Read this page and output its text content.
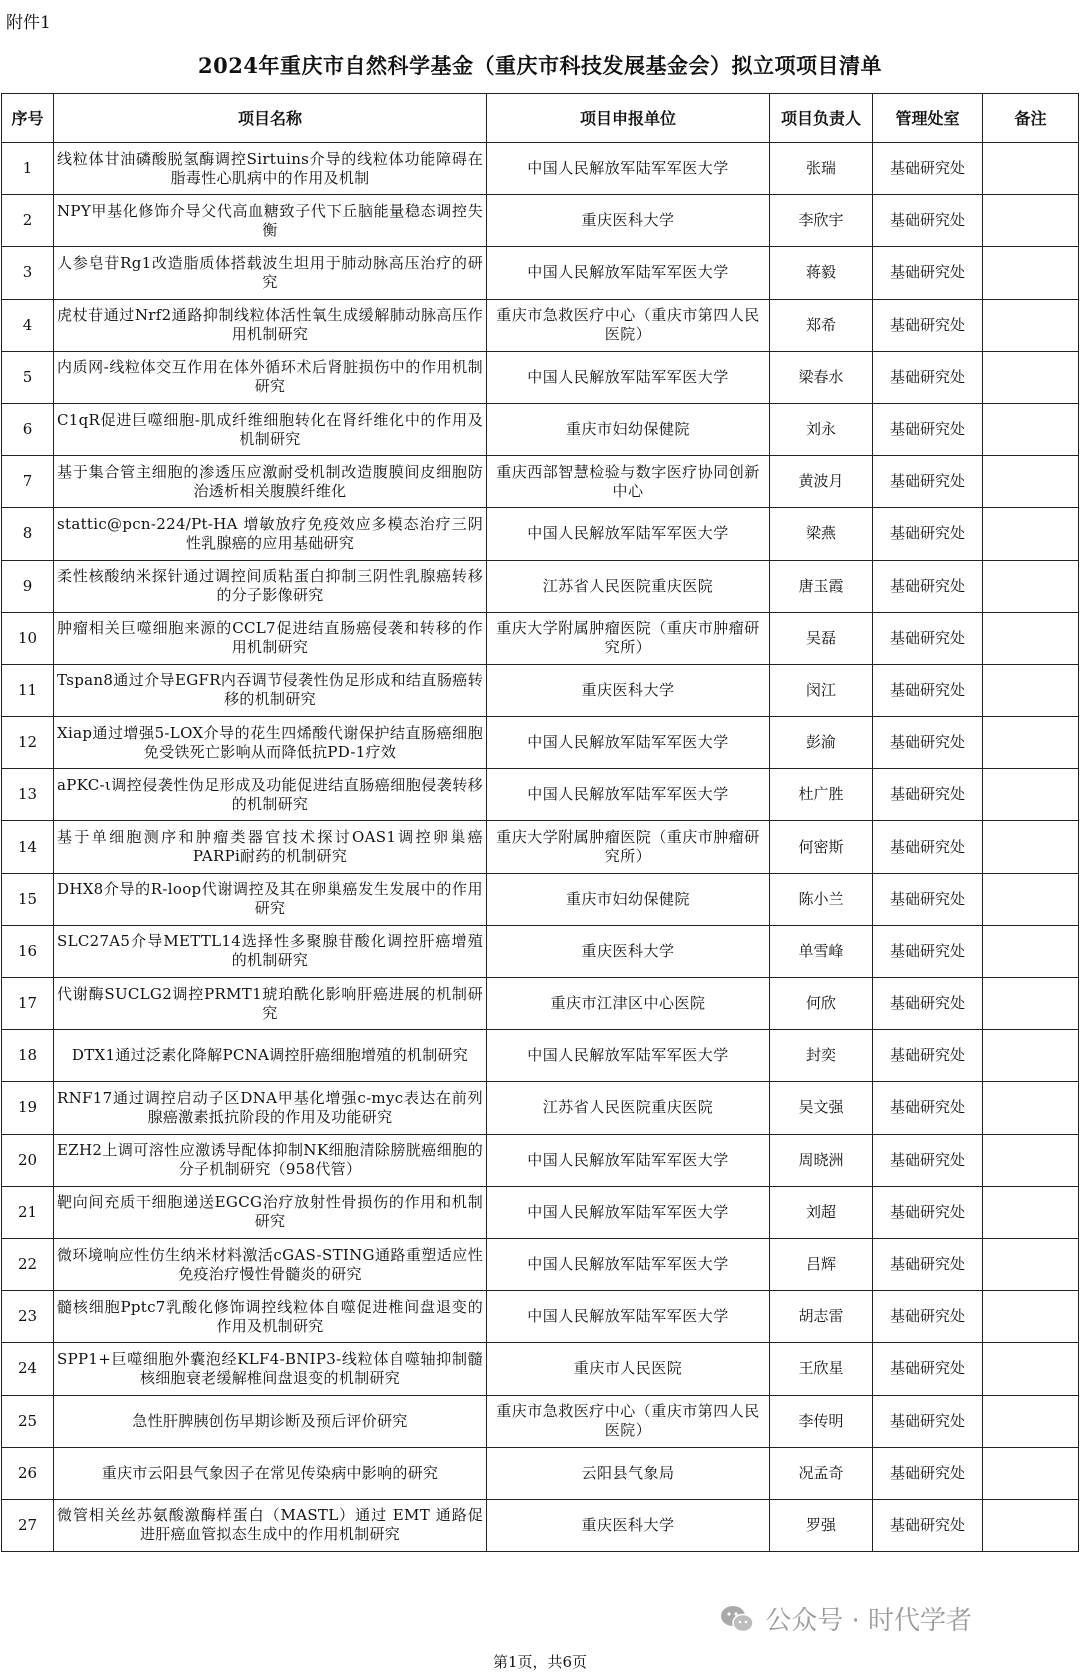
附件1
2024年重庆市自然科学基金（重庆市科技发展基金会）拟立项项目清单
序号	项目名称	项目申报单位	项目负责人	管理处室	备注
1	线粒体甘油磷酸脱氢酶调控Sirtuins介导的线粒体功能障碍在脂毒性心肌病中的作用及机制	中国人民解放军陆军军医大学	张瑞	基础研究处	
2	NPY甲基化修饰介导父代高血糖致子代下丘脑能量稳态调控失衡	重庆医科大学	李欣宇	基础研究处	
3	人参皂苷Rg1改造脂质体搭载波生坦用于肺动脉高压治疗的研究	中国人民解放军陆军军医大学	蒋毅	基础研究处	
4	虎杖苷通过Nrf2通路抑制线粒体活性氧生成缓解肺动脉高压作用机制研究	重庆市急救医疗中心（重庆市第四人民医院）	郑希	基础研究处	
5	内质网-线粒体交互作用在体外循环术后肾脏损伤中的作用机制研究	中国人民解放军陆军军医大学	梁春水	基础研究处	
6	C1qR促进巨噬细胞-肌成纤维细胞转化在肾纤维化中的作用及机制研究	重庆市妇幼保健院	刘永	基础研究处	
7	基于集合管主细胞的渗透压应激耐受机制改造腹膜间皮细胞防治透析相关腹膜纤维化	重庆西部智慧检验与数字医疗协同创新中心	黄波月	基础研究处	
8	stattic@pcn-224/Pt-HA 增敏放疗免疫效应多模态治疗三阴性乳腺癌的应用基础研究	中国人民解放军陆军军医大学	梁燕	基础研究处	
9	柔性核酸纳米探针通过调控间质粘蛋白抑制三阴性乳腺癌转移的分子影像研究	江苏省人民医院重庆医院	唐玉霞	基础研究处	
10	肿瘤相关巨噬细胞来源的CCL7促进结直肠癌侵袭和转移的作用机制研究	重庆大学附属肿瘤医院（重庆市肿瘤研究所）	吴磊	基础研究处	
11	Tspan8通过介导EGFR内吞调节侵袭性伪足形成和结直肠癌转移的机制研究	重庆医科大学	闵江	基础研究处	
12	Xiap通过增强5-LOX介导的花生四烯酸代谢保护结直肠癌细胞免受铁死亡影响从而降低抗PD-1疗效	中国人民解放军陆军军医大学	彭渝	基础研究处	
13	aPKC-ι调控侵袭性伪足形成及功能促进结直肠癌细胞侵袭转移的机制研究	中国人民解放军陆军军医大学	杜广胜	基础研究处	
14	基于单细胞测序和肿瘤类器官技术探讨OAS1调控卵巢癌PARPi耐药的机制研究	重庆大学附属肿瘤医院（重庆市肿瘤研究所）	何密斯	基础研究处	
15	DHX8介导的R-loop代谢调控及其在卵巢癌发生发展中的作用研究	重庆市妇幼保健院	陈小兰	基础研究处	
16	SLC27A5介导METTL14选择性多聚腺苷酸化调控肝癌增殖的机制研究	重庆医科大学	单雪峰	基础研究处	
17	代谢酶SUCLG2调控PRMT1琥珀酰化影响肝癌进展的机制研究	重庆市江津区中心医院	何欣	基础研究处	
18	DTX1通过泛素化降解PCNA调控肝癌细胞增殖的机制研究	中国人民解放军陆军军医大学	封奕	基础研究处	
19	RNF17通过调控启动子区DNA甲基化增强c-myc表达在前列腺癌激素抵抗阶段的作用及功能研究	江苏省人民医院重庆医院	吴文强	基础研究处	
20	EZH2上调可溶性应激诱导配体抑制NK细胞清除膀胱癌细胞的分子机制研究（958代管）	中国人民解放军陆军军医大学	周晓洲	基础研究处	
21	靶向间充质干细胞递送EGCG治疗放射性骨损伤的作用和机制研究	中国人民解放军陆军军医大学	刘超	基础研究处	
22	微环境响应性仿生纳米材料激活cGAS-STING通路重塑适应性免疫治疗慢性骨髓炎的研究	中国人民解放军陆军军医大学	吕辉	基础研究处	
23	髓核细胞Pptc7乳酸化修饰调控线粒体自噬促进椎间盘退变的作用及机制研究	中国人民解放军陆军军医大学	胡志雷	基础研究处	
24	SPP1+巨噬细胞外囊泡经KLF4-BNIP3-线粒体自噬轴抑制髓核细胞衰老缓解椎间盘退变的机制研究	重庆市人民医院	王欣星	基础研究处	
25	急性肝脾胰创伤早期诊断及预后评价研究	重庆市急救医疗中心（重庆市第四人民医院）	李传明	基础研究处	
26	重庆市云阳县气象因子在常见传染病中影响的研究	云阳县气象局	况孟奇	基础研究处	
27	微管相关丝苏氨酸激酶样蛋白（MASTL）通过 EMT 通路促进肝癌血管拟态生成中的作用机制研究	重庆医科大学	罗强	基础研究处	
公众号 · 时代学者
第1页，共6页
